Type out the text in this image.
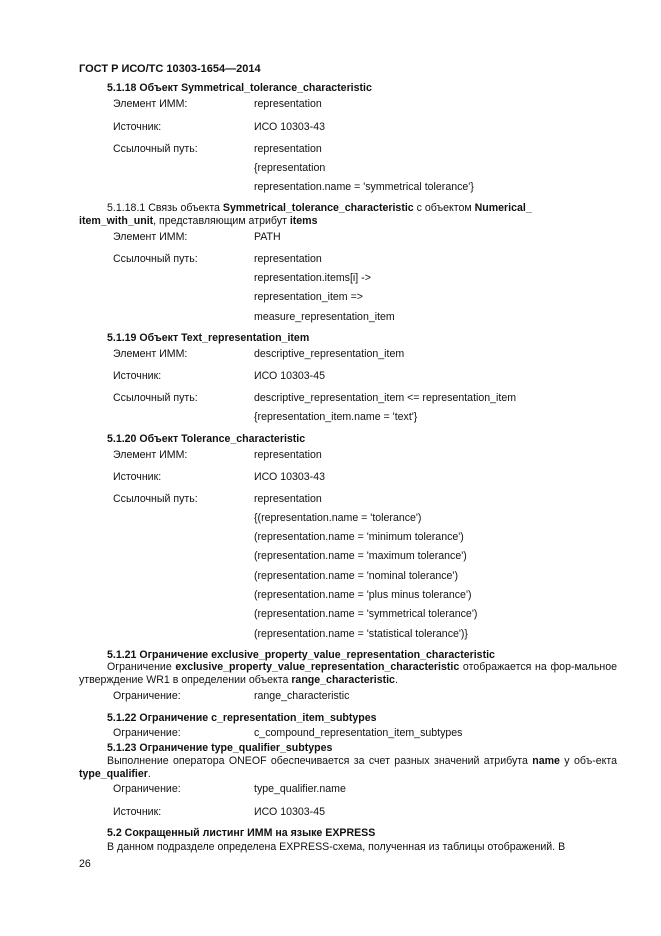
ГОСТ Р ИСО/ТС 10303-1654—2014
5.1.18 Объект Symmetrical_tolerance_characteristic
Элемент ИММ:	representation
Источник:	ИСО 10303-43
Ссылочный путь:	representation
{representation
representation.name = 'symmetrical tolerance'}
5.1.18.1 Связь объекта Symmetrical_tolerance_characteristic с объектом Numerical_
item_with_unit, представляющим атрибут items
Элемент ИММ:	PATH
Ссылочный путь:	representation
representation.items[i] ->
representation_item =>
measure_representation_item
5.1.19 Объект Text_representation_item
Элемент ИММ:	descriptive_representation_item
Источник:	ИСО 10303-45
Ссылочный путь:	descriptive_representation_item <= representation_item
{representation_item.name = 'text'}
5.1.20 Объект Tolerance_characteristic
Элемент ИММ:	representation
Источник:	ИСО 10303-43
Ссылочный путь:	representation
{(representation.name = 'tolerance')
(representation.name = 'minimum tolerance')
(representation.name = 'maximum tolerance')
(representation.name = 'nominal tolerance')
(representation.name = 'plus minus tolerance')
(representation.name = 'symmetrical tolerance')
(representation.name = 'statistical tolerance')}
5.1.21 Ограничение exclusive_property_value_representation_characteristic
Ограничение exclusive_property_value_representation_characteristic отображается на фор-мальное утверждение WR1 в определении объекта range_characteristic.
Ограничение:	range_characteristic
5.1.22 Ограничение c_representation_item_subtypes
Ограничение:	c_compound_representation_item_subtypes
5.1.23 Ограничение type_qualifier_subtypes
Выполнение оператора ONEOF обеспечивается за счет разных значений атрибута name у объ-екта type_qualifier.
Ограничение:	type_qualifier.name
Источник:	ИСО 10303-45
5.2 Сокращенный листинг ИММ на языке EXPRESS
В данном подразделе определена EXPRESS-схема, полученная из таблицы отображений. В
26
